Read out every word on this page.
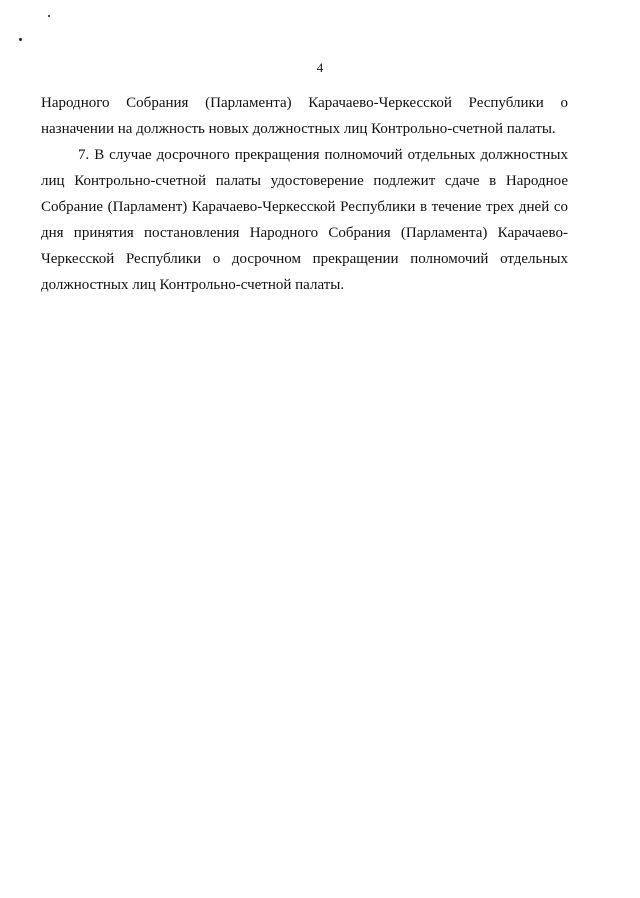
4

Народного Собрания (Парламента) Карачаево-Черкесской Республики о назначении на должность новых должностных лиц Контрольно-счетной палаты.

7. В случае досрочного прекращения полномочий отдельных должностных лиц Контрольно-счетной палаты удостоверение подлежит сдаче в Народное Собрание (Парламент) Карачаево-Черкесской Республики в течение трех дней со дня принятия постановления Народного Собрания (Парламента) Карачаево-Черкесской Республики о досрочном прекращении полномочий отдельных должностных лиц Контрольно-счетной палаты.
